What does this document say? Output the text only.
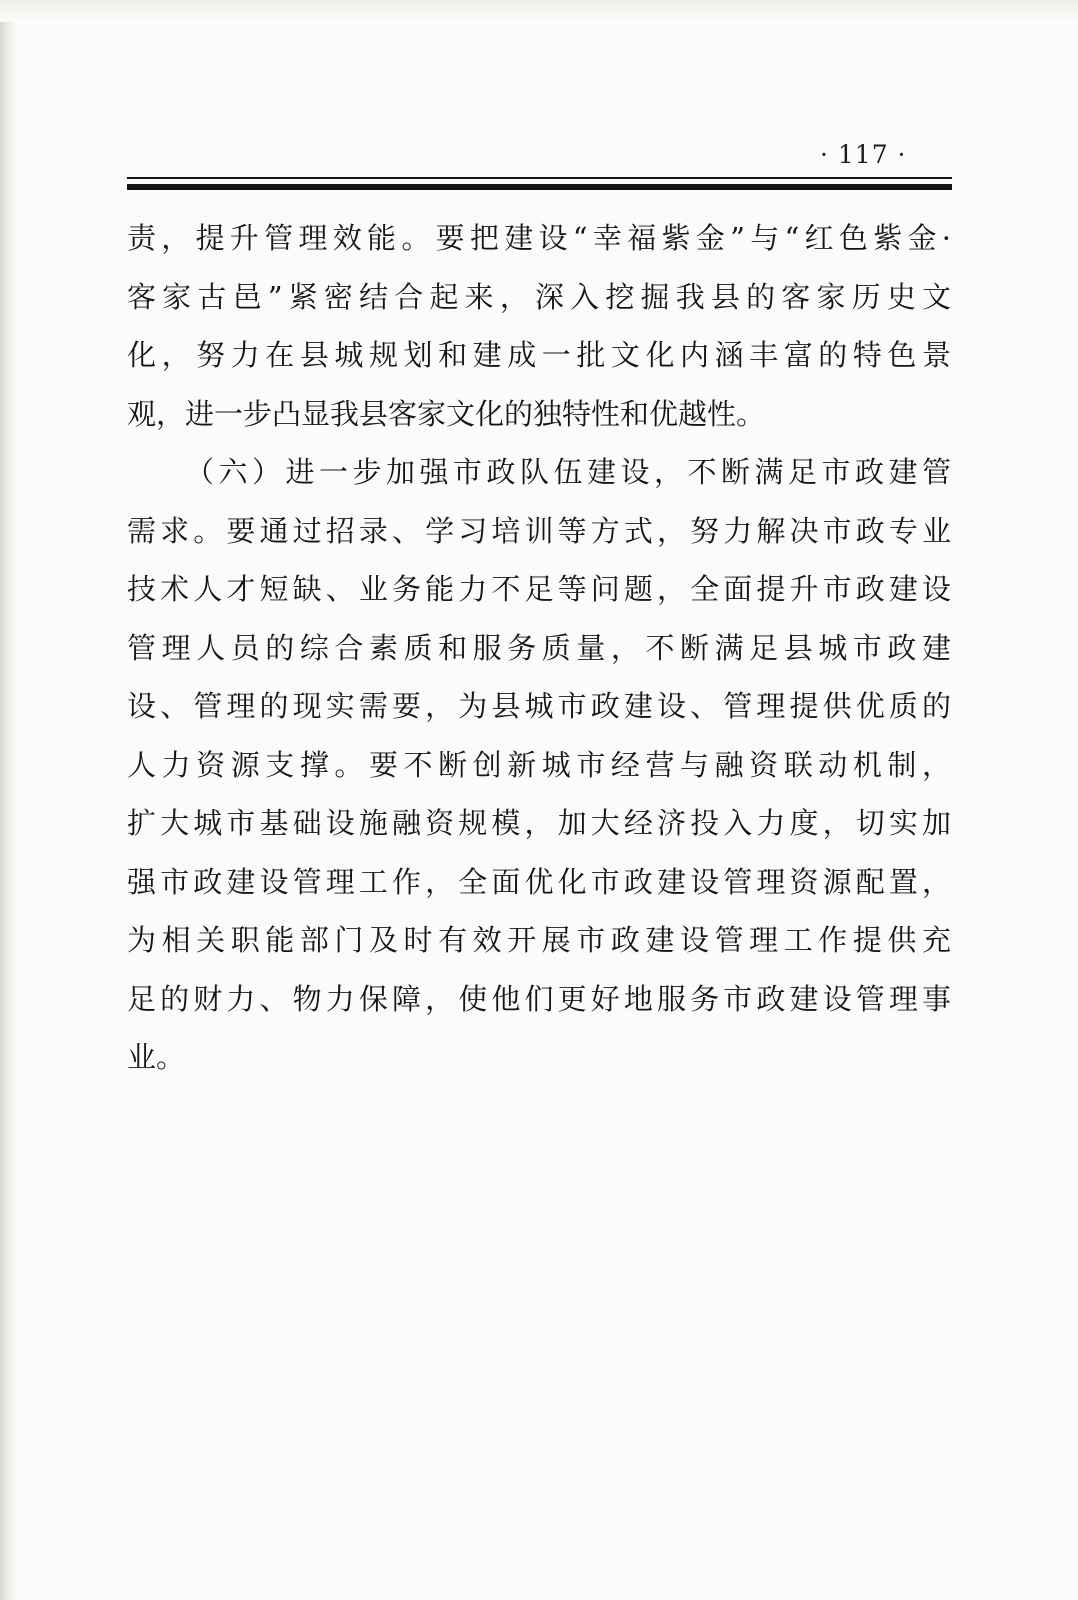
· 117 ·
责，提升管理效能。要把建设“幸福紫金”与“红色紫金·
客家古邑”紧密结合起来，深入挖掘我县的客家历史文
化，努力在县城规划和建成一批文化内涵丰富的特色景
观，进一步凸显我县客家文化的独特性和优越性。
（六）进一步加强市政队伍建设，不断满足市政建管
需求。要通过招录、学习培训等方式，努力解决市政专业
技术人才短缺、业务能力不足等问题，全面提升市政建设
管理人员的综合素质和服务质量，不断满足县城市政建
设、管理的现实需要，为县城市政建设、管理提供优质的
人力资源支撑。要不断创新城市经营与融资联动机制，
扩大城市基础设施融资规模，加大经济投入力度，切实加
强市政建设管理工作，全面优化市政建设管理资源配置，
为相关职能部门及时有效开展市政建设管理工作提供充
足的财力、物力保障，使他们更好地服务市政建设管理事
业。
